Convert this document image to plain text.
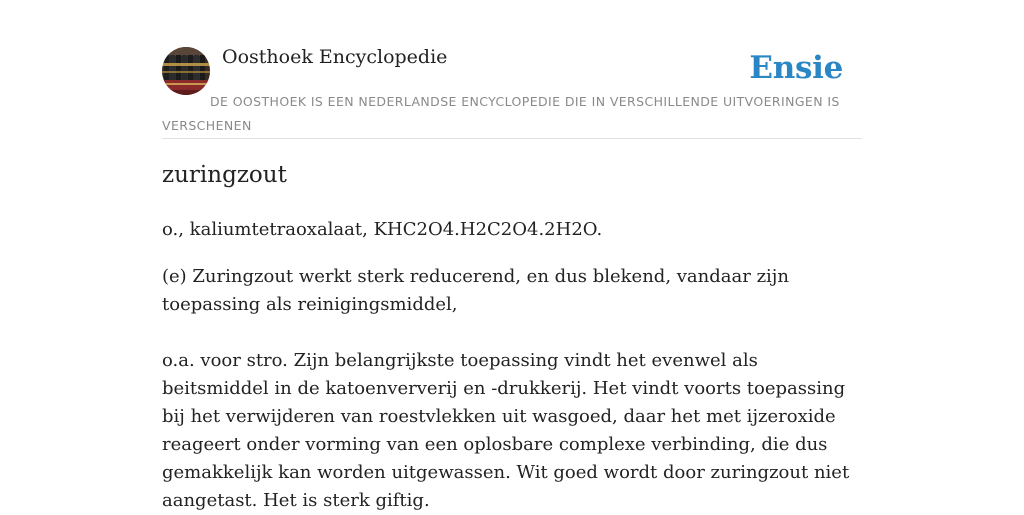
Oosthoek Encyclopedie	Ensie
DE OOSTHOEK IS EEN NEDERLANDSE ENCYCLOPEDIE DIE IN VERSCHILLENDE UITVOERINGEN IS VERSCHENEN
zuringzout

o., kaliumtetraoxalaat, KHC2O4.H2C2O4.2H2O.

(e) Zuringzout werkt sterk reducerend, en dus blekend, vandaar zijn toepassing als reinigingsmiddel,

o.a. voor stro. Zijn belangrijkste toepassing vindt het evenwel als beitsmiddel in de katoenververij en -drukkerij. Het vindt voorts toepassing bij het verwijderen van roestvlekken uit wasgoed, daar het met ijzeroxide reageert onder vorming van een oplosbare complexe verbinding, die dus gemakkelijk kan worden uitgewassen. Wit goed wordt door zuringzout niet aangetast. Het is sterk giftig.
